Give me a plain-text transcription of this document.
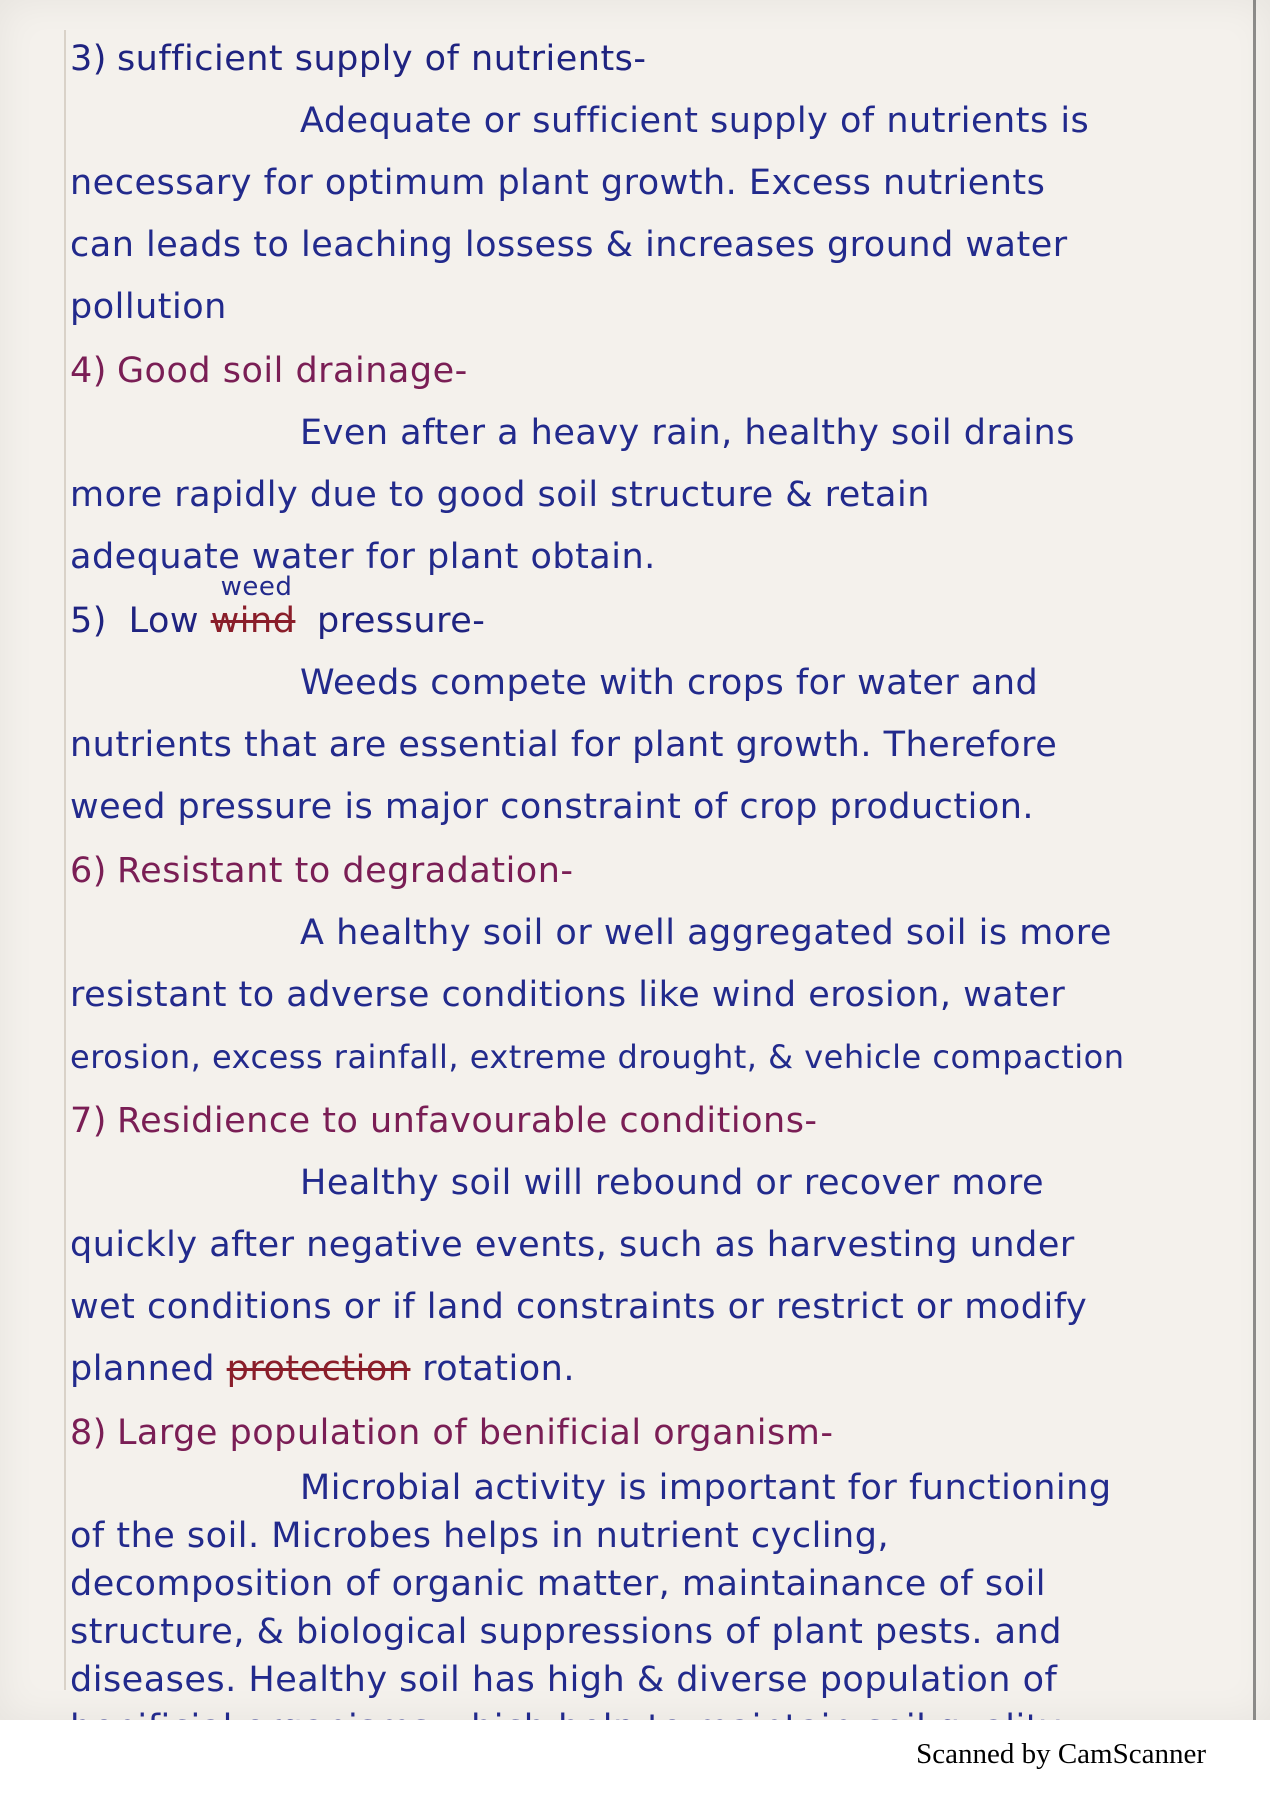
3) sufficient supply of nutrients-

Adequate or sufficient supply of nutrients is
necessary for optimum plant growth. Excess nutrients
can leads to leaching lossess & increases ground water
pollution

4) Good soil drainage-

Even after a heavy rain, healthy soil drains
more rapidly due to good soil structure & retain
adequate water for plant obtain.

5) Low
weed
wind pressure-

Weeds compete with crops for water and
nutrients that are essential for plant growth. Therefore
weed pressure is major constraint of crop production.

6) Resistant to degradation-

A healthy soil or well aggregated soil is more
resistant to adverse conditions like wind erosion, water
erosion, excess rainfall, extreme drought, & vehicle compaction

7) Residience to unfavourable conditions-

Healthy soil will rebound or recover more
quickly after negative events, such as harvesting under
wet conditions or if land constraints or restrict or modify
planned protection rotation.

8) Large population of benificial organism-

Microbial activity is important for functioning
of the soil. Microbes helps in nutrient cycling,
decomposition of organic matter, maintainance of soil
structure, & biological suppressions of plant pests. and
diseases. Healthy soil has high & diverse population of

Scanned by CamScanner
